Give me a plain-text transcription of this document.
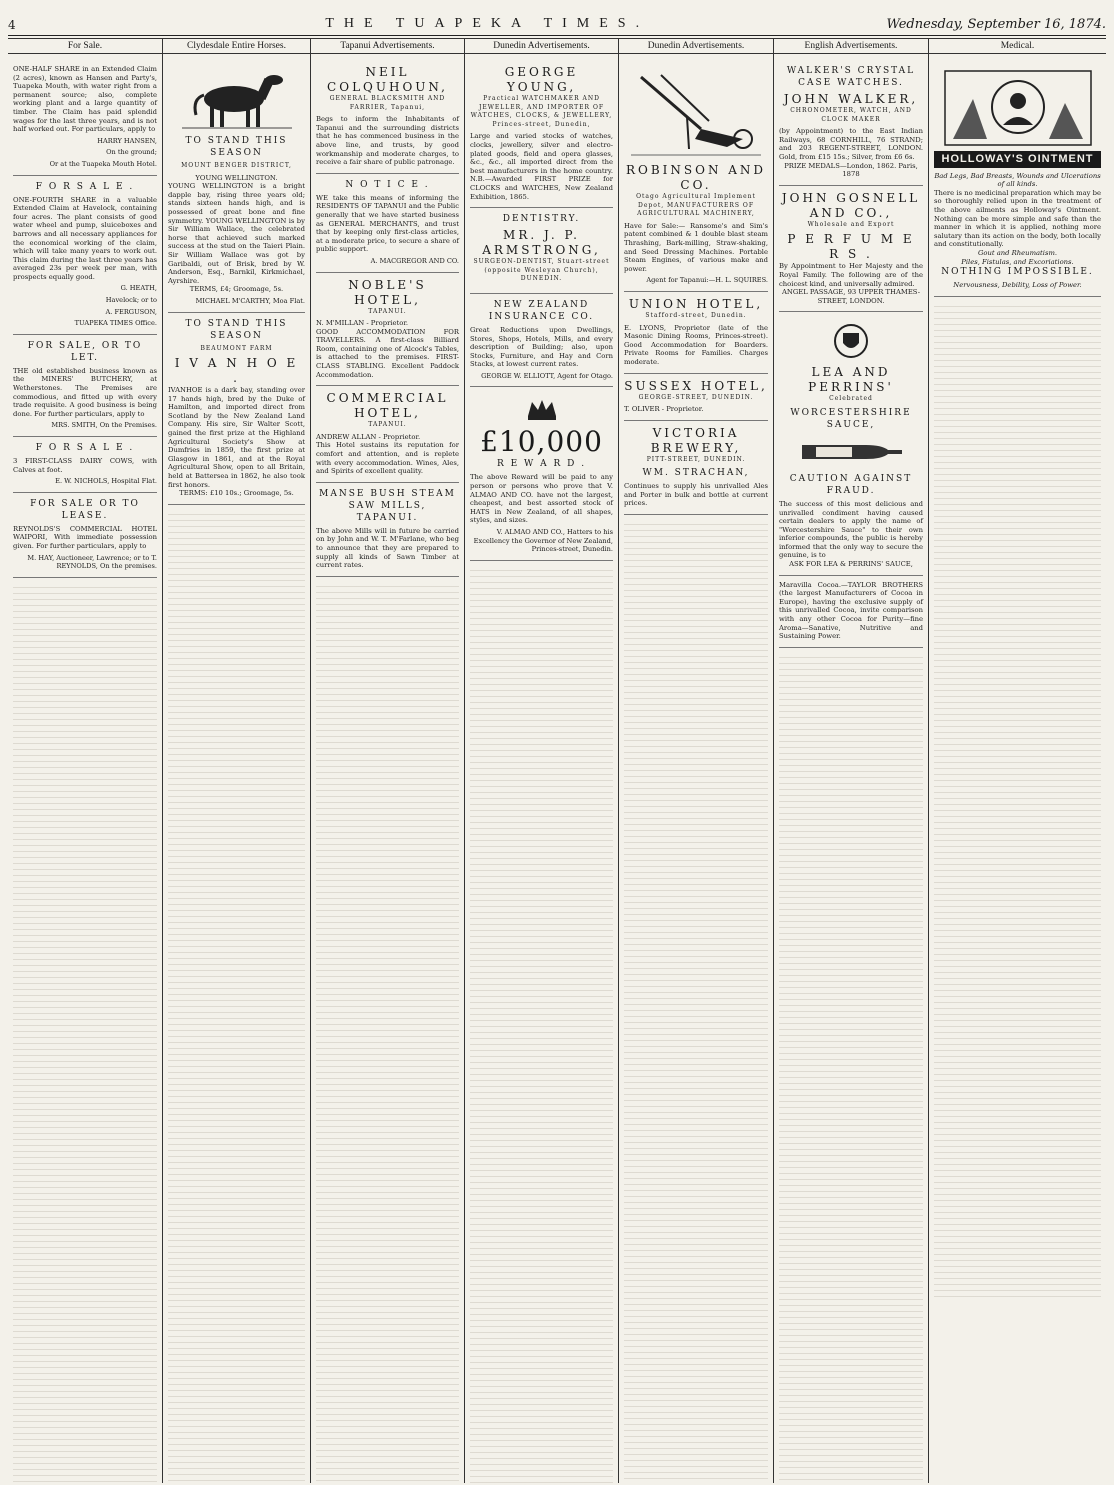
4	THE TUAPEKA TIMES.	Wednesday, September 16, 1874.
For Sale.
ONE-HALF SHARE in an Extended Claim (2 acres), known as Hansen and Party's, Tuapeka Mouth, with water right from a permanent source; also, complete working plant and a large quantity of timber. The Claim has paid splendid wages for the last three years, and is not half worked out. For particulars, apply to
HARRY HANSEN,
On the ground;
Or at the Tuapeka Mouth Hotel.
F O R S A L E .
ONE-FOURTH SHARE in a valuable Extended Claim at Havelock, containing four acres. The plant consists of good water wheel and pump, sluiceboxes and barrows and all necessary appliances for the economical working of the claim, which will take many years to work out. This claim during the last three years has averaged 23s per week per man, with prospects equally good.
G. HEATH,
Havelock; or to
A. FERGUSON,
TUAPEKA TIMES Office.
FOR SALE, OR TO LET.
THE old established business known as the MINERS' BUTCHERY, at Wetherstones. The Premises are commodious, and fitted up with every trade requisite. A good business is being done. For further particulars, apply to
MRS. SMITH, On the Premises.
F O R S A L E .
3 FIRST-CLASS DAIRY COWS, with Calves at foot.
E. W. NICHOLS, Hospital Flat.
FOR SALE OR TO LEASE.
REYNOLDS'S COMMERCIAL HOTEL WAIPORI, With immediate possession given. For further particulars, apply to
M. HAY, Auctioneer, Lawrence; or to T. REYNOLDS, On the premises.
Clydesdale Entire Horses.
TO STAND THIS SEASON
MOUNT BENGER DISTRICT,
YOUNG WELLINGTON.
YOUNG WELLINGTON is a bright dapple bay, rising three years old; stands sixteen hands high, and is possessed of great bone and fine symmetry. YOUNG WELLINGTON is by Sir William Wallace, the celebrated horse that achieved such marked success at the stud on the Taieri Plain. Sir William Wallace was got by Garibaldi, out of Brisk, bred by W. Anderson, Esq., Barnkil, Kirkmichael, Ayrshire.
TERMS, £4; Groomage, 5s.
MICHAEL M'CARTHY, Moa Flat.
TO STAND THIS SEASON
BEAUMONT FARM
I V A N H O E .
IVANHOE is a dark bay, standing over 17 hands high, bred by the Duke of Hamilton, and imported direct from Scotland by the New Zealand Land Company. His sire, Sir Walter Scott, gained the first prize at the Highland Agricultural Society's Show at Dumfries in 1859, the first prize at Glasgow in 1861, and at the Royal Agricultural Show, open to all Britain, held at Battersea in 1862, he also took first honors.
TERMS: £10 10s.; Groomage, 5s.
Tapanui Advertisements.
NEIL COLQUHOUN,
GENERAL BLACKSMITH AND FARRIER, Tapanui,
Begs to inform the Inhabitants of Tapanui and the surrounding districts that he has commenced business in the above line, and trusts, by good workmanship and moderate charges, to receive a fair share of public patronage.
N O T I C E .
WE take this means of informing the RESIDENTS OF TAPANUI and the Public generally that we have started business as GENERAL MERCHANTS, and trust that by keeping only first-class articles, at a moderate price, to secure a share of public support.
A. MACGREGOR AND CO.
NOBLE'S HOTEL,
TAPANUI.
N. M'MILLAN - Proprietor.
GOOD ACCOMMODATION FOR TRAVELLERS. A first-class Billiard Room, containing one of Alcock's Tables, is attached to the premises. FIRST-CLASS STABLING. Excellent Paddock Accommodation.
COMMERCIAL HOTEL,
TAPANUI.
ANDREW ALLAN - Proprietor.
This Hotel sustains its reputation for comfort and attention, and is replete with every accommodation. Wines, Ales, and Spirits of excellent quality.
MANSE BUSH STEAM SAW MILLS, TAPANUI.
The above Mills will in future be carried on by John and W. T. M'Farlane, who beg to announce that they are prepared to supply all kinds of Sawn Timber at current rates.
Dunedin Advertisements.
GEORGE YOUNG,
Practical WATCHMAKER AND JEWELLER, AND IMPORTER OF WATCHES, CLOCKS, & JEWELLERY, Princes-street, Dunedin,
Large and varied stocks of watches, clocks, jewellery, silver and electro-plated goods, field and opera glasses, &c., &c., all imported direct from the best manufacturers in the home country. N.B.—Awarded FIRST PRIZE for CLOCKS and WATCHES, New Zealand Exhibition, 1865.
DENTISTRY.
MR. J. P. ARMSTRONG,
SURGEON-DENTIST, Stuart-street (opposite Wesleyan Church), DUNEDIN.
NEW ZEALAND INSURANCE CO.
Great Reductions upon Dwellings, Stores, Shops, Hotels, Mills, and every description of Building; also, upon Stocks, Furniture, and Hay and Corn Stacks, at lowest current rates.
GEORGE W. ELLIOTT, Agent for Otago.
£10,000
R E W A R D .
The above Reward will be paid to any person or persons who prove that V. ALMAO AND CO. have not the largest, cheapest, and best assorted stock of HATS in New Zealand, of all shapes, styles, and sizes.
V. ALMAO AND CO., Hatters to his Excellency the Governor of New Zealand, Princes-street, Dunedin.
Dunedin Advertisements.
ROBINSON AND CO.
Otago Agricultural Implement Depot, MANUFACTURERS OF AGRICULTURAL MACHINERY,
Have for Sale:— Ransome's and Sim's patent combined & 1 double blast steam Thrashing, Bark-milling, Straw-shaking, and Seed Dressing Machines. Portable Steam Engines, of various make and power.
Agent for Tapanui:—H. L. SQUIRES.
UNION HOTEL,
Stafford-street, Dunedin.
E. LYONS, Proprietor (late of the Masonic Dining Rooms, Princes-street). Good Accommodation for Boarders. Private Rooms for Families. Charges moderate.
SUSSEX HOTEL,
GEORGE-STREET, DUNEDIN.
T. OLIVER - Proprietor.
VICTORIA BREWERY,
PITT-STREET, DUNEDIN.
WM. STRACHAN,
Continues to supply his unrivalled Ales and Porter in bulk and bottle at current prices.
English Advertisements.
WALKER'S CRYSTAL CASE WATCHES.
JOHN WALKER,
CHRONOMETER, WATCH, AND CLOCK MAKER
(by Appointment) to the East Indian Railways, 68 CORNHILL, 76 STRAND; and 203 REGENT-STREET, LONDON. Gold, from £15 15s.; Silver, from £6 6s.
PRIZE MEDALS—London, 1862. Paris, 1878
JOHN GOSNELL AND CO.,
Wholesale and Export
P E R F U M E R S .
By Appointment to Her Majesty and the Royal Family. The following are of the choicest kind, and universally admired.
ANGEL PASSAGE, 93 UPPER THAMES-STREET, LONDON.
LEA AND PERRINS'
Celebrated
WORCESTERSHIRE SAUCE,
CAUTION AGAINST FRAUD.
The success of this most delicious and unrivalled condiment having caused certain dealers to apply the name of "Worcestershire Sauce" to their own inferior compounds, the public is hereby informed that the only way to secure the genuine, is to
ASK FOR LEA & PERRINS' SAUCE,
Maravilla Cocoa.—TAYLOR BROTHERS (the largest Manufacturers of Cocoa in Europe), having the exclusive supply of this unrivalled Cocoa, invite comparison with any other Cocoa for Purity—fine Aroma—Sanative, Nutritive and Sustaining Power.
Medical.
HOLLOWAY'S OINTMENT
Bad Legs, Bad Breasts, Wounds and Ulcerations of all kinds.
There is no medicinal preparation which may be so thoroughly relied upon in the treatment of the above ailments as Holloway's Ointment. Nothing can be more simple and safe than the manner in which it is applied, nothing more salutary than its action on the body, both locally and constitutionally.
Gout and Rheumatism.
Piles, Fistulas, and Excoriations.
NOTHING IMPOSSIBLE.
Nervousness, Debility, Loss of Power.
